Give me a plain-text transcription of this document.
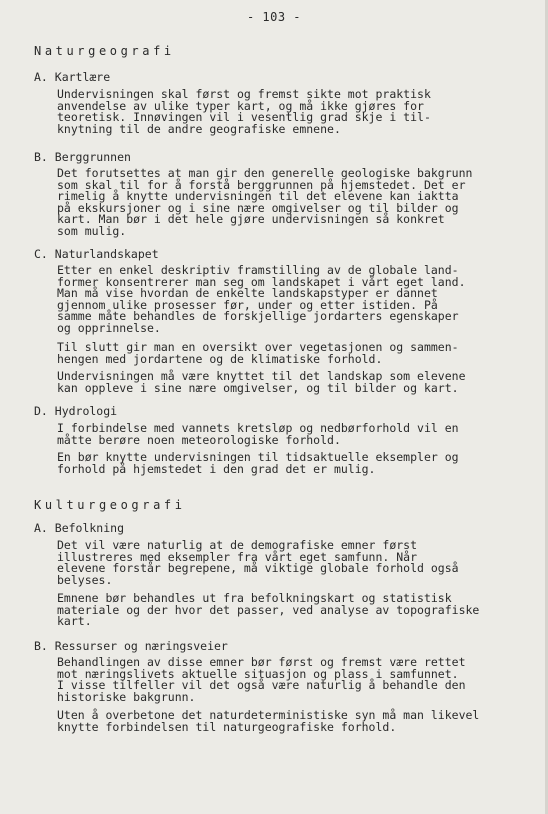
- 103 -
Naturgeografi
A. Kartlære
Undervisningen skal først og fremst sikte mot praktisk
anvendelse av ulike typer kart, og må ikke gjøres for
teoretisk. Innøvingen vil i vesentlig grad skje i til-
knytning til de andre geografiske emnene.
B. Berggrunnen
Det forutsettes at man gir den generelle geologiske bakgrunn
som skal til for å forstå berggrunnen på hjemstedet. Det er
rimelig å knytte undervisningen til det elevene kan iaktta
på ekskursjoner og i sine nære omgivelser og til bilder og
kart. Man bør i det hele gjøre undervisningen så konkret
som mulig.
C. Naturlandskapet
Etter en enkel deskriptiv framstilling av de globale land-
former konsentrerer man seg om landskapet i vårt eget land.
Man må vise hvordan de enkelte landskapstyper er dannet
gjennom ulike prosesser før, under og etter istiden. På
samme måte behandles de forskjellige jordarters egenskaper
og opprinnelse.
Til slutt gir man en oversikt over vegetasjonen og sammen-
hengen med jordartene og de klimatiske forhold.
Undervisningen må være knyttet til det landskap som elevene
kan oppleve i sine nære omgivelser, og til bilder og kart.
D. Hydrologi
I forbindelse med vannets kretsløp og nedbørforhold vil en
måtte berøre noen meteorologiske forhold.
En bør knytte undervisningen til tidsaktuelle eksempler og
forhold på hjemstedet i den grad det er mulig.
Kulturgeografi
A. Befolkning
Det vil være naturlig at de demografiske emner først
illustreres med eksempler fra vårt eget samfunn. Når
elevene forstår begrepene, må viktige globale forhold også
belyses.
Emnene bør behandles ut fra befolkningskart og statistisk
materiale og der hvor det passer, ved analyse av topografiske
kart.
B. Ressurser og næringsveier
Behandlingen av disse emner bør først og fremst være rettet
mot næringslivets aktuelle situasjon og plass i samfunnet.
I visse tilfeller vil det også være naturlig å behandle den
historiske bakgrunn.
Uten å overbetone det naturdeterministiske syn må man likevel
knytte forbindelsen til naturgeografiske forhold.
